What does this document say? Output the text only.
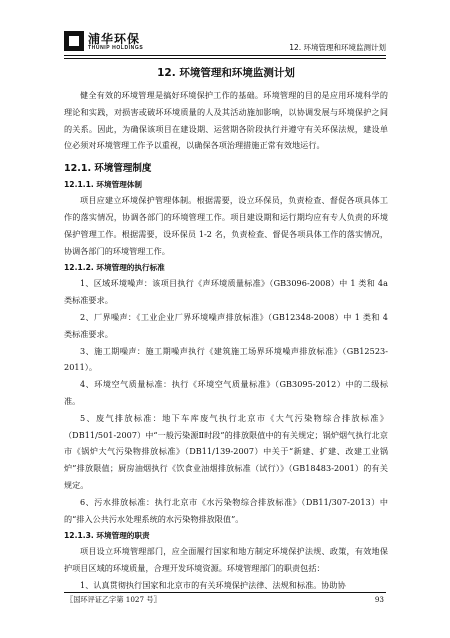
浦华环保
THUNIP HOLDINGS	12. 环境管理和环境监测计划

12. 环境管理和环境监测计划

健全有效的环境管理是搞好环境保护工作的基础。环境管理的目的是应用环境科学的理论和实践，对损害或破坏环境质量的人及其活动施加影响，以协调发展与环境保护之间的关系。因此，为确保该项目在建设期、运营期各阶段执行并遵守有关环保法规，建设单位必须对环境管理工作予以重视，以确保各项治理措施正常有效地运行。

12.1. 环境管理制度

12.1.1. 环境管理体制

项目应建立环境保护管理体制。根据需要，设立环保员，负责检查、督促各项具体工作的落实情况，协调各部门的环境管理工作。项目建设期和运行期均应有专人负责的环境保护管理工作。根据需要，设环保员 1-2 名，负责检查、督促各项具体工作的落实情况，协调各部门的环境管理工作。

12.1.2. 环境管理的执行标准

1、区域环境噪声：该项目执行《声环境质量标准》（GB3096-2008）中 1 类和 4a 类标准要求。

2、厂界噪声：《工业企业厂界环境噪声排放标准》（GB12348-2008）中 1 类和 4 类标准要求。

3、施工期噪声：施工期噪声执行《建筑施工场界环境噪声排放标准》（GB12523-2011）。

4、环境空气质量标准：执行《环境空气质量标准》（GB3095-2012）中的二级标准。

5、废气排放标准：地下车库废气执行北京市《大气污染物综合排放标准》（DB11/501-2007）中“一般污染源Ⅱ时段”的排放限值中的有关规定；锅炉烟气执行北京市《锅炉大气污染物排放标准》（DB11/139-2007）中关于“新建、扩建、改建工业锅炉”排放限值；厨房油烟执行《饮食业油烟排放标准（试行）》（GB18483-2001）的有关规定。

6、污水排放标准：执行北京市《水污染物综合排放标准》（DB11/307-2013）中的“排入公共污水处理系统的水污染物排放限值”。

12.1.3. 环境管理的职责

项目设立环境管理部门，应全面履行国家和地方制定环境保护法规、政策，有效地保护项目区域的环境质量，合理开发环境资源。环境管理部门的职责包括：

1、认真贯彻执行国家和北京市的有关环境保护法律、法规和标准。协助协

〖国环评证乙字第 1027 号〗	93
